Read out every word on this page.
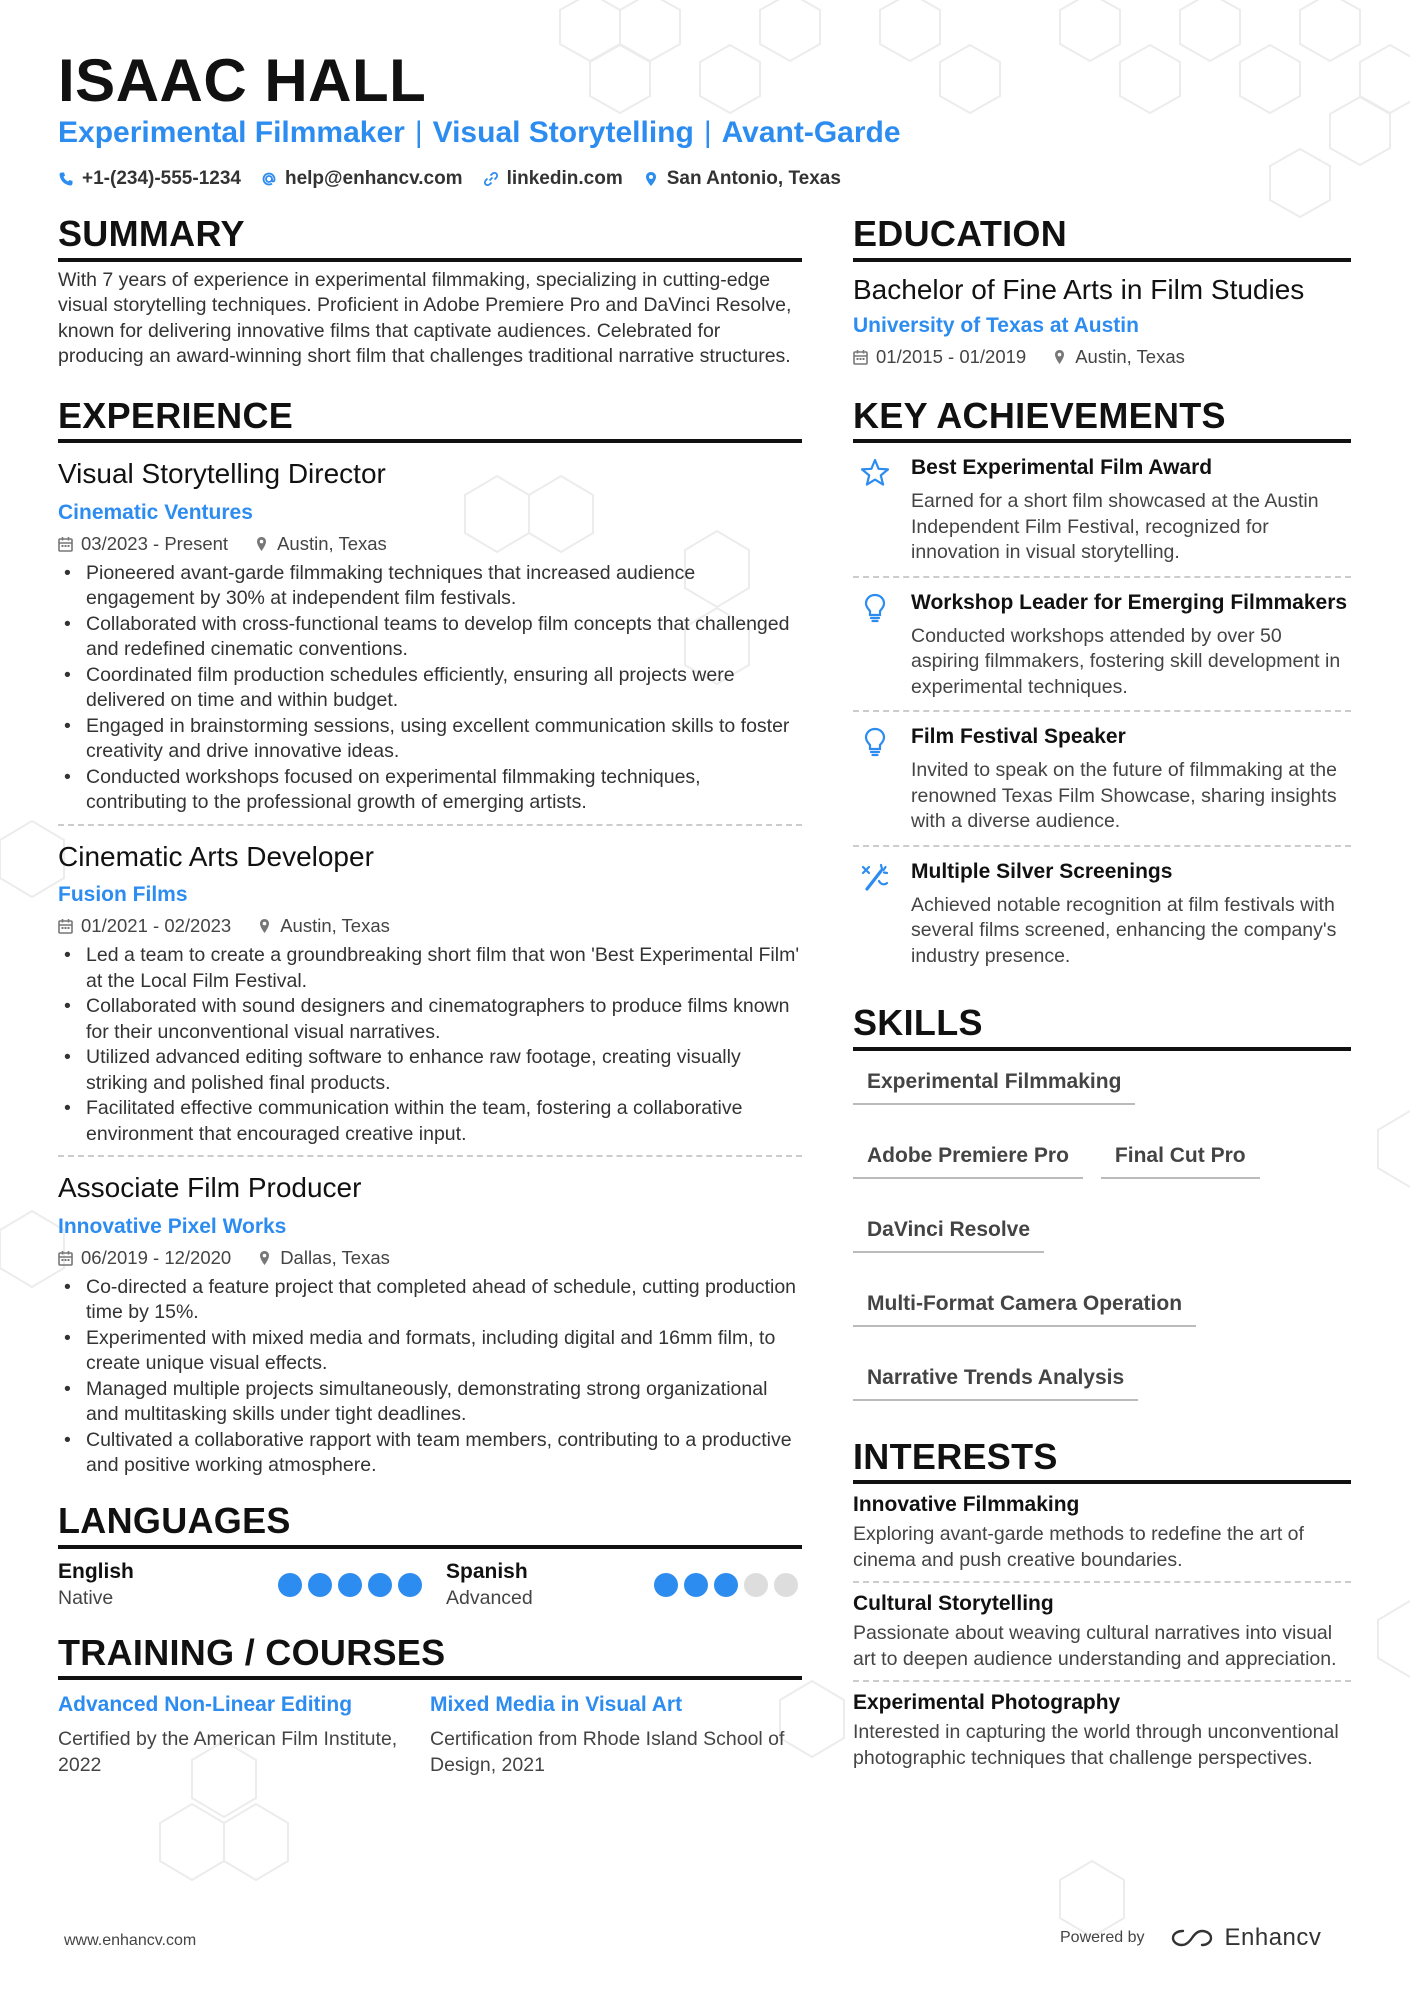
ISAAC HALL
Experimental Filmmaker | Visual Storytelling | Avant-Garde
+1-(234)-555-1234 help@enhancv.com linkedin.com San Antonio, Texas
SUMMARY
With 7 years of experience in experimental filmmaking, specializing in cutting-edge visual storytelling techniques. Proficient in Adobe Premiere Pro and DaVinci Resolve, known for delivering innovative films that captivate audiences. Celebrated for producing an award-winning short film that challenges traditional narrative structures.
EXPERIENCE
Visual Storytelling Director
Cinematic Ventures
03/2023 - Present	Austin, Texas
• Pioneered avant-garde filmmaking techniques that increased audience engagement by 30% at independent film festivals.
• Collaborated with cross-functional teams to develop film concepts that challenged and redefined cinematic conventions.
• Coordinated film production schedules efficiently, ensuring all projects were delivered on time and within budget.
• Engaged in brainstorming sessions, using excellent communication skills to foster creativity and drive innovative ideas.
• Conducted workshops focused on experimental filmmaking techniques, contributing to the professional growth of emerging artists.
Cinematic Arts Developer
Fusion Films
01/2021 - 02/2023	Austin, Texas
• Led a team to create a groundbreaking short film that won 'Best Experimental Film' at the Local Film Festival.
• Collaborated with sound designers and cinematographers to produce films known for their unconventional visual narratives.
• Utilized advanced editing software to enhance raw footage, creating visually striking and polished final products.
• Facilitated effective communication within the team, fostering a collaborative environment that encouraged creative input.
Associate Film Producer
Innovative Pixel Works
06/2019 - 12/2020	Dallas, Texas
• Co-directed a feature project that completed ahead of schedule, cutting production time by 15%.
• Experimented with mixed media and formats, including digital and 16mm film, to create unique visual effects.
• Managed multiple projects simultaneously, demonstrating strong organizational and multitasking skills under tight deadlines.
• Cultivated a collaborative rapport with team members, contributing to a productive and positive working atmosphere.
LANGUAGES
English
Native
Spanish
Advanced
TRAINING / COURSES
Advanced Non-Linear Editing
Certified by the American Film Institute, 2022
Mixed Media in Visual Art
Certification from Rhode Island School of Design, 2021
EDUCATION
Bachelor of Fine Arts in Film Studies
University of Texas at Austin
01/2015 - 01/2019	Austin, Texas
KEY ACHIEVEMENTS
Best Experimental Film Award
Earned for a short film showcased at the Austin Independent Film Festival, recognized for innovation in visual storytelling.
Workshop Leader for Emerging Filmmakers
Conducted workshops attended by over 50 aspiring filmmakers, fostering skill development in experimental techniques.
Film Festival Speaker
Invited to speak on the future of filmmaking at the renowned Texas Film Showcase, sharing insights with a diverse audience.
Multiple Silver Screenings
Achieved notable recognition at film festivals with several films screened, enhancing the company's industry presence.
SKILLS
Experimental Filmmaking
Adobe Premiere Pro	Final Cut Pro
DaVinci Resolve
Multi-Format Camera Operation
Narrative Trends Analysis
INTERESTS
Innovative Filmmaking
Exploring avant-garde methods to redefine the art of cinema and push creative boundaries.
Cultural Storytelling
Passionate about weaving cultural narratives into visual art to deepen audience understanding and appreciation.
Experimental Photography
Interested in capturing the world through unconventional photographic techniques that challenge perspectives.
www.enhancv.com	Powered by	Enhancv
